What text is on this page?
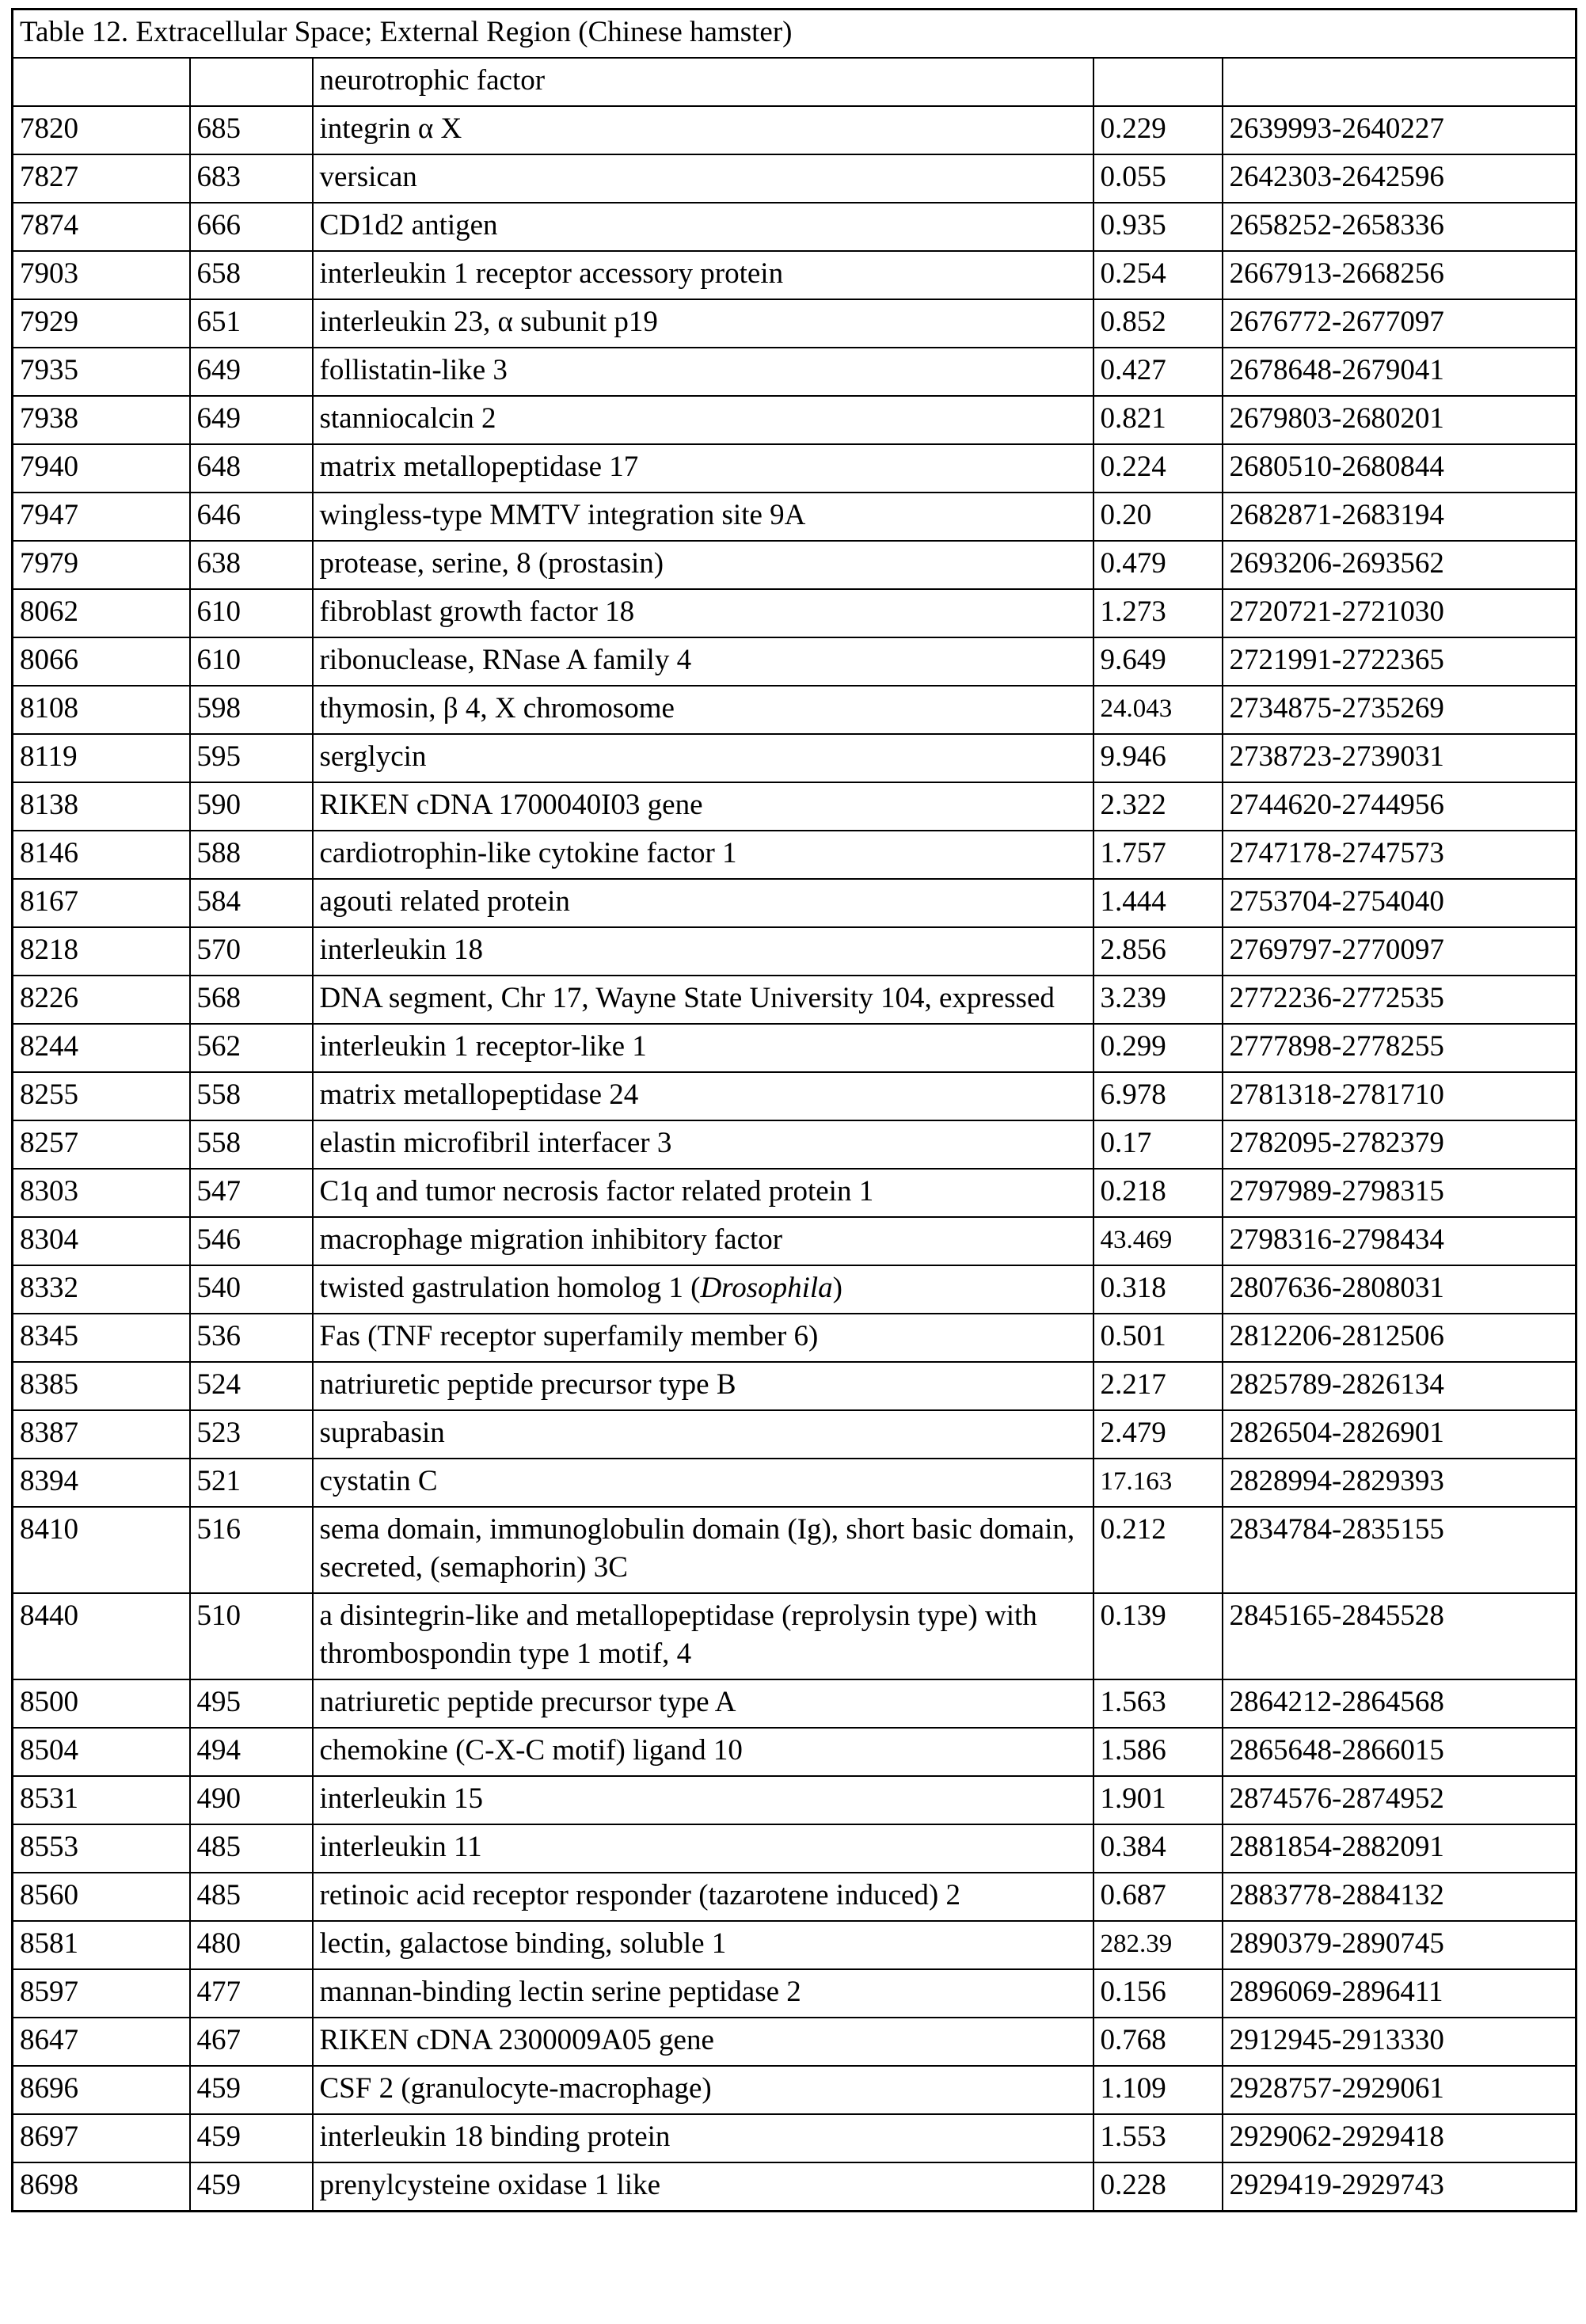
Table 12. Extracellular Space; External Region (Chinese hamster)				
		neurotrophic factor		
7820	685	integrin α X	0.229	2639993-2640227
7827	683	versican	0.055	2642303-2642596
7874	666	CD1d2 antigen	0.935	2658252-2658336
7903	658	interleukin 1 receptor accessory protein	0.254	2667913-2668256
7929	651	interleukin 23, α subunit p19	0.852	2676772-2677097
7935	649	follistatin-like 3	0.427	2678648-2679041
7938	649	stanniocalcin 2	0.821	2679803-2680201
7940	648	matrix metallopeptidase 17	0.224	2680510-2680844
7947	646	wingless-type MMTV integration site 9A	0.20	2682871-2683194
7979	638	protease, serine, 8 (prostasin)	0.479	2693206-2693562
8062	610	fibroblast growth factor 18	1.273	2720721-2721030
8066	610	ribonuclease, RNase A family 4	9.649	2721991-2722365
8108	598	thymosin, β 4, X chromosome	24.043	2734875-2735269
8119	595	serglycin	9.946	2738723-2739031
8138	590	RIKEN cDNA 1700040I03 gene	2.322	2744620-2744956
8146	588	cardiotrophin-like cytokine factor 1	1.757	2747178-2747573
8167	584	agouti related protein	1.444	2753704-2754040
8218	570	interleukin 18	2.856	2769797-2770097
8226	568	DNA segment, Chr 17, Wayne State University 104, expressed	3.239	2772236-2772535
8244	562	interleukin 1 receptor-like 1	0.299	2777898-2778255
8255	558	matrix metallopeptidase 24	6.978	2781318-2781710
8257	558	elastin microfibril interfacer 3	0.17	2782095-2782379
8303	547	C1q and tumor necrosis factor related protein 1	0.218	2797989-2798315
8304	546	macrophage migration inhibitory factor	43.469	2798316-2798434
8332	540	twisted gastrulation homolog 1 (Drosophila)	0.318	2807636-2808031
8345	536	Fas (TNF receptor superfamily member 6)	0.501	2812206-2812506
8385	524	natriuretic peptide precursor type B	2.217	2825789-2826134
8387	523	suprabasin	2.479	2826504-2826901
8394	521	cystatin C	17.163	2828994-2829393
8410	516	sema domain, immunoglobulin domain (Ig), short basic domain, secreted, (semaphorin) 3C	0.212	2834784-2835155
8440	510	a disintegrin-like and metallopeptidase (reprolysin type) with thrombospondin type 1 motif, 4	0.139	2845165-2845528
8500	495	natriuretic peptide precursor type A	1.563	2864212-2864568
8504	494	chemokine (C-X-C motif) ligand 10	1.586	2865648-2866015
8531	490	interleukin 15	1.901	2874576-2874952
8553	485	interleukin 11	0.384	2881854-2882091
8560	485	retinoic acid receptor responder (tazarotene induced) 2	0.687	2883778-2884132
8581	480	lectin, galactose binding, soluble 1	282.39	2890379-2890745
8597	477	mannan-binding lectin serine peptidase 2	0.156	2896069-2896411
8647	467	RIKEN cDNA 2300009A05 gene	0.768	2912945-2913330
8696	459	CSF 2 (granulocyte-macrophage)	1.109	2928757-2929061
8697	459	interleukin 18 binding protein	1.553	2929062-2929418
8698	459	prenylcysteine oxidase 1 like	0.228	2929419-2929743
